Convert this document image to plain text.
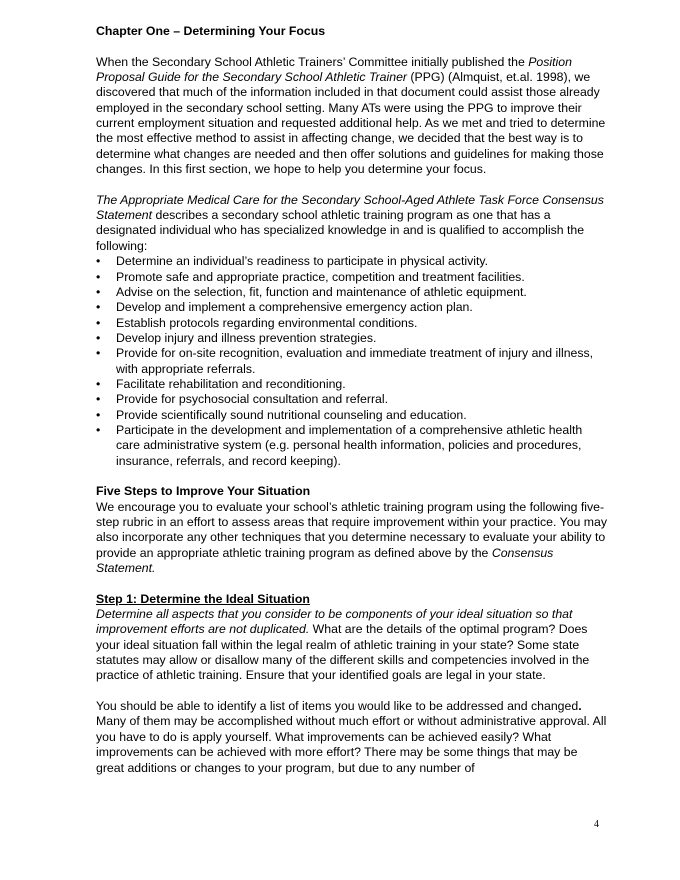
Chapter One – Determining Your Focus

When the Secondary School Athletic Trainers’ Committee initially published the Position Proposal Guide for the Secondary School Athletic Trainer (PPG) (Almquist, et.al. 1998), we discovered that much of the information included in that document could assist those already employed in the secondary school setting. Many ATs were using the PPG to improve their current employment situation and requested additional help. As we met and tried to determine the most effective method to assist in affecting change, we decided that the best way is to determine what changes are needed and then offer solutions and guidelines for making those changes. In this first section, we hope to help you determine your focus.

The Appropriate Medical Care for the Secondary School-Aged Athlete Task Force Consensus Statement describes a secondary school athletic training program as one that has a designated individual who has specialized knowledge in and is qualified to accomplish the following:

• Determine an individual’s readiness to participate in physical activity.
• Promote safe and appropriate practice, competition and treatment facilities.
• Advise on the selection, fit, function and maintenance of athletic equipment.
• Develop and implement a comprehensive emergency action plan.
• Establish protocols regarding environmental conditions.
• Develop injury and illness prevention strategies.
• Provide for on-site recognition, evaluation and immediate treatment of injury and illness, with appropriate referrals.
• Facilitate rehabilitation and reconditioning.
• Provide for psychosocial consultation and referral.
• Provide scientifically sound nutritional counseling and education.
• Participate in the development and implementation of a comprehensive athletic health care administrative system (e.g. personal health information, policies and procedures, insurance, referrals, and record keeping).

Five Steps to Improve Your Situation

We encourage you to evaluate your school’s athletic training program using the following five-step rubric in an effort to assess areas that require improvement within your practice. You may also incorporate any other techniques that you determine necessary to evaluate your ability to provide an appropriate athletic training program as defined above by the Consensus Statement.

Step 1: Determine the Ideal Situation

Determine all aspects that you consider to be components of your ideal situation so that improvement efforts are not duplicated. What are the details of the optimal program? Does your ideal situation fall within the legal realm of athletic training in your state? Some state statutes may allow or disallow many of the different skills and competencies involved in the practice of athletic training. Ensure that your identified goals are legal in your state.

You should be able to identify a list of items you would like to be addressed and changed. Many of them may be accomplished without much effort or without administrative approval. All you have to do is apply yourself. What improvements can be achieved easily? What improvements can be achieved with more effort? There may be some things that may be great additions or changes to your program, but due to any number of

4
